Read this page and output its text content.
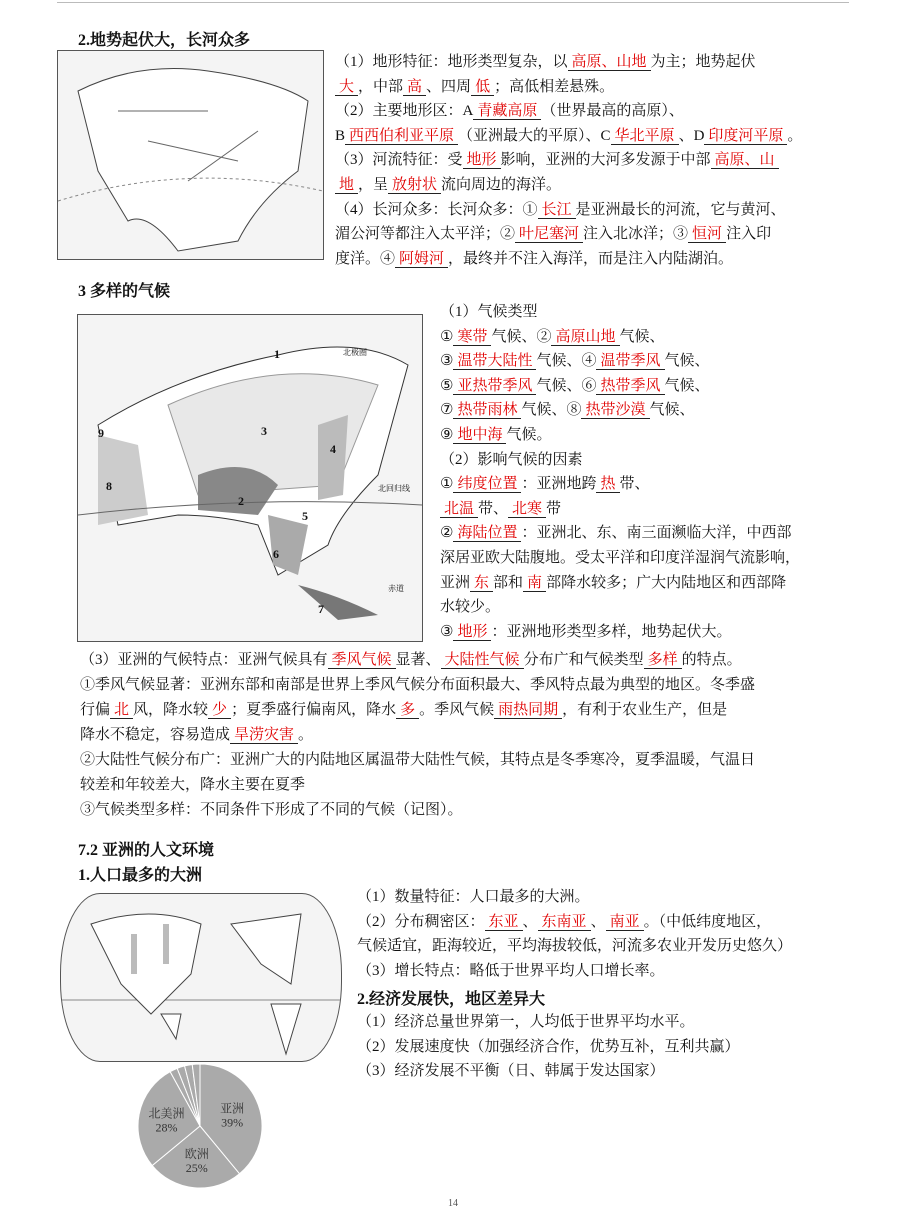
2.地势起伏大，长河众多
（1）地形特征：地形类型复杂，以 高原、山地 为主；地势起伏
大 ，中部 高 、四周 低 ；高低相差悬殊。
（2）主要地形区：A 青藏高原 （世界最高的高原）、
B 西西伯利亚平原 （亚洲最大的平原）、C 华北平原 、D 印度河平原 。
（3）河流特征：受 地形 影响，亚洲的大河多发源于中部 高原、山
地 ，呈 放射状 流向周边的海洋。
（4）长河众多：长河众多：① 长江 是亚洲最长的河流，它与黄河、
湄公河等都注入太平洋；② 叶尼塞河 注入北冰洋；③ 恒河 注入印
度洋。④ 阿姆河 ，最终并不注入海洋，而是注入内陆湖泊。
3 多样的气候
1
2
3
4
5
6
7
8
9
北极圈
北回归线
赤道
（1）气候类型
① 寒带 气候、② 高原山地 气候、
③ 温带大陆性 气候、④ 温带季风 气候、
⑤ 亚热带季风 气候、⑥ 热带季风 气候、
⑦ 热带雨林 气候、⑧ 热带沙漠 气候、
⑨ 地中海 气候。
（2）影响气候的因素
① 纬度位置 ：亚洲地跨 热 带、
北温 带、 北寒 带
② 海陆位置 ：亚洲北、东、南三面濒临大洋，中西部
深居亚欧大陆腹地。受太平洋和印度洋湿润气流影响，
亚洲 东 部和 南 部降水较多；广大内陆地区和西部降
水较少。
③ 地形 ：亚洲地形类型多样，地势起伏大。
（3）亚洲的气候特点：亚洲气候具有 季风气候 显著、 大陆性气候 分布广和气候类型 多样 的特点。
①季风气候显著：亚洲东部和南部是世界上季风气候分布面积最大、季风特点最为典型的地区。冬季盛
行偏 北 风，降水较 少 ；夏季盛行偏南风，降水 多 。季风气候 雨热同期 ，有利于农业生产，但是
降水不稳定，容易造成 旱涝灾害 。
②大陆性气候分布广：亚洲广大的内陆地区属温带大陆性气候，其特点是冬季寒冷，夏季温暖，气温日
较差和年较差大，降水主要在夏季
③气候类型多样：不同条件下形成了不同的气候（记图）。
7.2 亚洲的人文环境
1.人口最多的大洲
亚洲
39%
欧洲
25%
北美洲
28%
（1）数量特征：人口最多的大洲。
（2）分布稠密区： 东亚 、 东南亚 、 南亚 。（中低纬度地区，
气候适宜，距海较近，平均海拔较低，河流多农业开发历史悠久）
（3）增长特点：略低于世界平均人口增长率。
2.经济发展快，地区差异大
（1）经济总量世界第一，人均低于世界平均水平。
（2）发展速度快（加强经济合作，优势互补，互利共赢）
（3）经济发展不平衡（日、韩属于发达国家）
14
